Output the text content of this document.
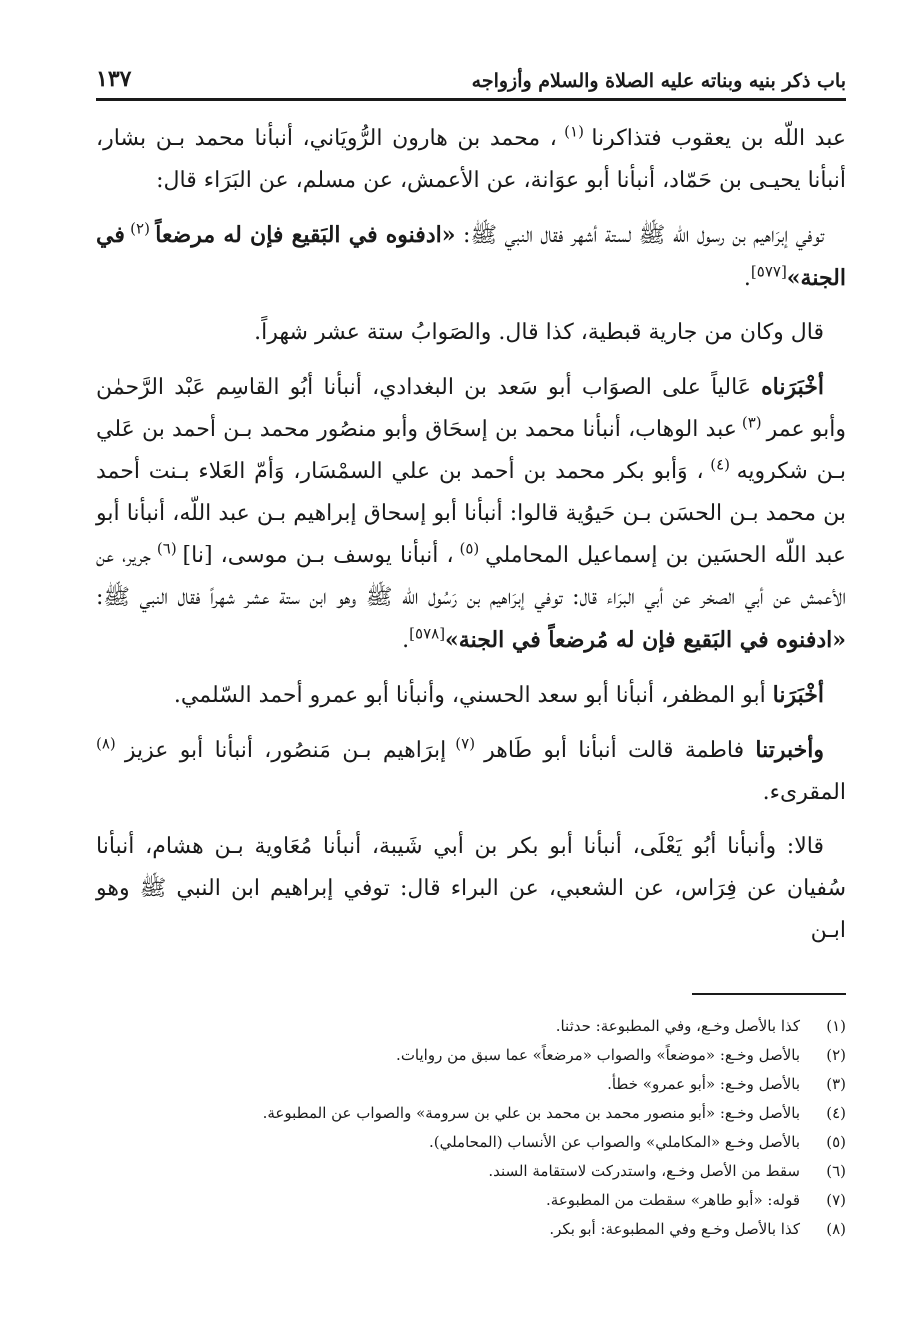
باب ذكر بنيه وبناته عليه الصلاة والسلام وأزواجه
١٣٧

عبد اللّه بن يعقوب فتذاكرنا $^{(١)}$ ، محمد بن هارون الرُّويَاني، أنبأنا محمد بـن بشار، أنبأنا يحيـى بن حَمّاد، أنبأنا أبو عوَانة، عن الأعمش، عن مسلم، عن البَرَاء قال:

توفي إبرَاهيم بن رسول الله ﷺ لستة أشهر فقال النبي ﷺ: «ادفنوه في البَقيع فإن له مرضعاً $^{(٢)}$ في الجنة»[٥٧٧].

قال وكان من جارية قبطية، كذا قال. والصَوابُ ستة عشر شهراً.

أخْبَرَناه عَالياً على الصوَاب أبو سَعد بن البغدادي، أنبأنا أبُو القاسِم عَبْد الرَّحمٰن وأبو عمر $^{(٣)}$ عبد الوهاب، أنبأنا محمد بن إسحَاق وأبو منصُور محمد بـن أحمد بن عَلي بـن شكرويه $^{(٤)}$ ، وَأبو بكر محمد بن أحمد بن علي السمْسَار، وَأمّ العَلاء بـنت أحمد بن محمد بـن الحسَن بـن حَيوُية قالوا: أنبأنا أبو إسحاق إبراهيم بـن عبد اللّه، أنبأنا أبو عبد اللّه الحسَين بن إسماعيل المحاملي $^{(٥)}$ ، أنبأنا يوسف بـن موسى، [نا] $^{(٦)}$ جرير، عن الأعمش عن أبي الصخر عن أبي البرَاء قال: توفي إبرَاهيم بن رَسُول الله ﷺ وهو ابن ستة عشر شهراً فقال النبي ﷺ: «ادفنوه في البَقيع فإن له مُرضعاً في الجنة»[٥٧٨].

أخْبَرَنا أبو المظفر، أنبأنا أبو سعد الحسني، وأنبأنا أبو عمرو أحمد السّلمي.

وأخبرتنا فاطمة قالت أنبأنا أبو طَاهر $^{(٧)}$ إبرَاهيم بـن مَنصُور، أنبأنا أبو عزيز $^{(٨)}$ المقرىء.

قالا: وأنبأنا أبُو يَعْلَى، أنبأنا أبو بكر بن أبي شَيبة، أنبأنا مُعَاوية بـن هشام، أنبأنا سُفيان عن فِرَاس، عن الشعبي، عن البراء قال: توفي إبراهيم ابن النبي ﷺ وهو ابـن

(١)
كذا بالأصل وخـع، وفي المطبوعة: حدثنا.
(٢)
بالأصل وخـع: «موضعاً» والصواب «مرضعاً» عما سبق من روايات.
(٣)
بالأصل وخـع: «أبو عمرو» خطأ.
(٤)
بالأصل وخـع: «أبو منصور محمد بن محمد بن علي بن سرومة» والصواب عن المطبوعة.
(٥)
بالأصل وخـع «المكاملي» والصواب عن الأنساب (المحاملي).
(٦)
سقط من الأصل وخـع، واستدركت لاستقامة السند.
(٧)
قوله: «أبو طاهر» سقطت من المطبوعة.
(٨)
كذا بالأصل وخـع وفي المطبوعة: أبو بكر.
